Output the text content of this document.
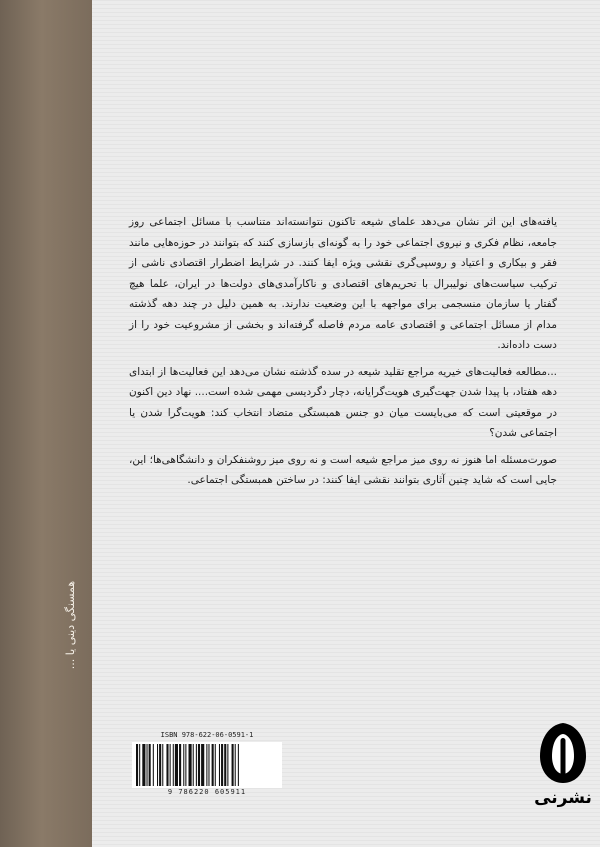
همسنگی دینی یا ...

یافته‌های این اثر نشان می‌دهد علمای شیعه تاکنون نتوانسته‌اند متناسب با مسائل اجتماعی روز جامعه، نظام فکری و نیروی اجتماعی خود را به گونه‌ای بازسازی کنند که بتوانند در حوزه‌هایی مانند فقر و بیکاری و اعتیاد و روسپی‌گری نقشی ویژه ایفا کنند. در شرایط اضطرار اقتصادی ناشی از ترکیب سیاست‌های نولیبرال با تحریم‌های اقتصادی و ناکارآمدی‌های دولت‌ها در ایران، علما هیچ گفتار یا سازمان منسجمی برای مواجهه با این وضعیت ندارند. به همین دلیل در چند دهه گذشته مدام از مسائل اجتماعی و اقتصادی عامه مردم فاصله گرفته‌اند و بخشی از مشروعیت خود را از دست داده‌اند.

...مطالعه فعالیت‌های خیریه مراجع تقلید شیعه در سده گذشته نشان می‌دهد این فعالیت‌ها از ابتدای دهه هفتاد، با پیدا شدن جهت‌گیری هویت‌گرایانه، دچار دگردیسی مهمی شده است.... نهاد دین اکنون در موقعیتی است که می‌بایست میان دو جنس همبستگی متضاد انتخاب کند: هویت‌گرا شدن یا اجتماعی شدن؟

صورت‌مسئله اما هنوز نه روی میز مراجع شیعه است و نه روی میز روشنفکران و دانشگاهی‌ها؛ این، جایی است که شاید چنین آثاری بتوانند نقشی ایفا کنند: در ساختن همبستگی اجتماعی.

ISBN 978-622-06-0591-1
9 786220 605911	نشرنی
